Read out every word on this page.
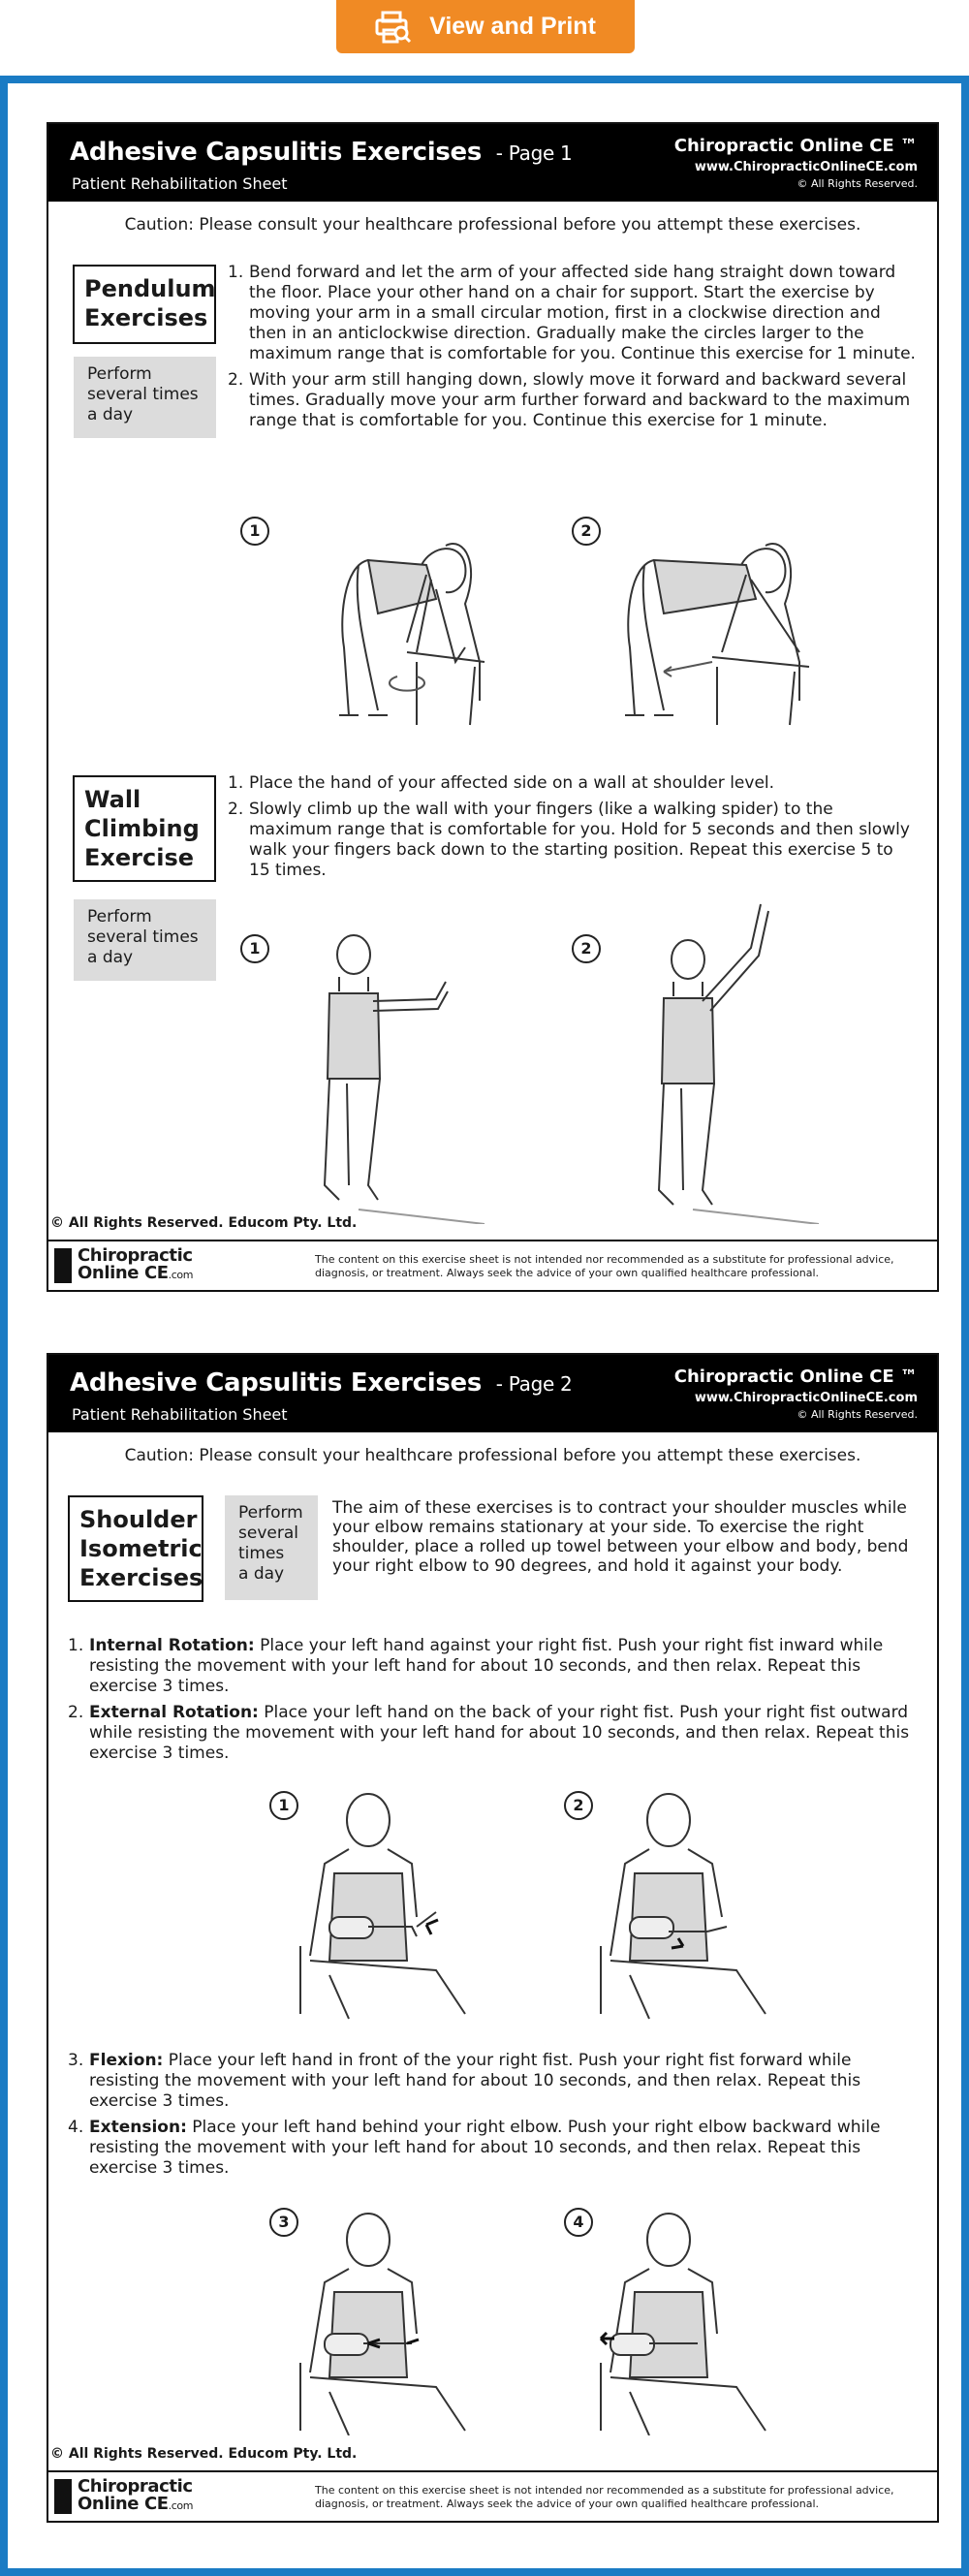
View and Print
Adhesive Capsulitis Exercises - Page 1
Patient Rehabilitation Sheet
Chiropractic Online CE ™
www.ChiropracticOnlineCE.com
© All Rights Reserved.
Caution: Please consult your healthcare professional before you attempt these exercises.
Pendulum
Exercises
Perform
several times
a day
1. Bend forward and let the arm of your affected side hang straight down toward the floor. Place your other hand on a chair for support. Start the exercise by moving your arm in a small circular motion, first in a clockwise direction and then in an anticlockwise direction. Gradually make the circles larger to the maximum range that is comfortable for you. Continue this exercise for 1 minute.
2. With your arm still hanging down, slowly move it forward and backward several times. Gradually move your arm further forward and backward to the maximum range that is comfortable for you. Continue this exercise for 1 minute.
1	2
Wall
Climbing
Exercise
Perform
several times
a day
1. Place the hand of your affected side on a wall at shoulder level.
2. Slowly climb up the wall with your fingers (like a walking spider) to the maximum range that is comfortable for you. Hold for 5 seconds and then slowly walk your fingers back down to the starting position. Repeat this exercise 5 to 15 times.
1	2
© All Rights Reserved. Educom Pty. Ltd.
Chiropractic
Online CE.com
The content on this exercise sheet is not intended nor recommended as a substitute for professional advice, diagnosis, or treatment. Always seek the advice of your own qualified healthcare professional.
Adhesive Capsulitis Exercises - Page 2
Patient Rehabilitation Sheet
Chiropractic Online CE ™
www.ChiropracticOnlineCE.com
© All Rights Reserved.
Caution: Please consult your healthcare professional before you attempt these exercises.
Shoulder
Isometric
Exercises
Perform
several
times
a day
The aim of these exercises is to contract your shoulder muscles while your elbow remains stationary at your side. To exercise the right shoulder, place a rolled up towel between your elbow and body, bend your right elbow to 90 degrees, and hold it against your body.
1. Internal Rotation: Place your left hand against your right fist. Push your right fist inward while resisting the movement with your left hand for about 10 seconds, and then relax. Repeat this exercise 3 times.
2. External Rotation: Place your left hand on the back of your right fist. Push your right fist outward while resisting the movement with your left hand for about 10 seconds, and then relax. Repeat this exercise 3 times.
1	2
3. Flexion: Place your left hand in front of the your right fist. Push your right fist forward while resisting the movement with your left hand for about 10 seconds, and then relax. Repeat this exercise 3 times.
4. Extension: Place your left hand behind your right elbow. Push your right elbow backward while resisting the movement with your left hand for about 10 seconds, and then relax. Repeat this exercise 3 times.
3	4
© All Rights Reserved. Educom Pty. Ltd.
Chiropractic
Online CE.com
The content on this exercise sheet is not intended nor recommended as a substitute for professional advice, diagnosis, or treatment. Always seek the advice of your own qualified healthcare professional.
